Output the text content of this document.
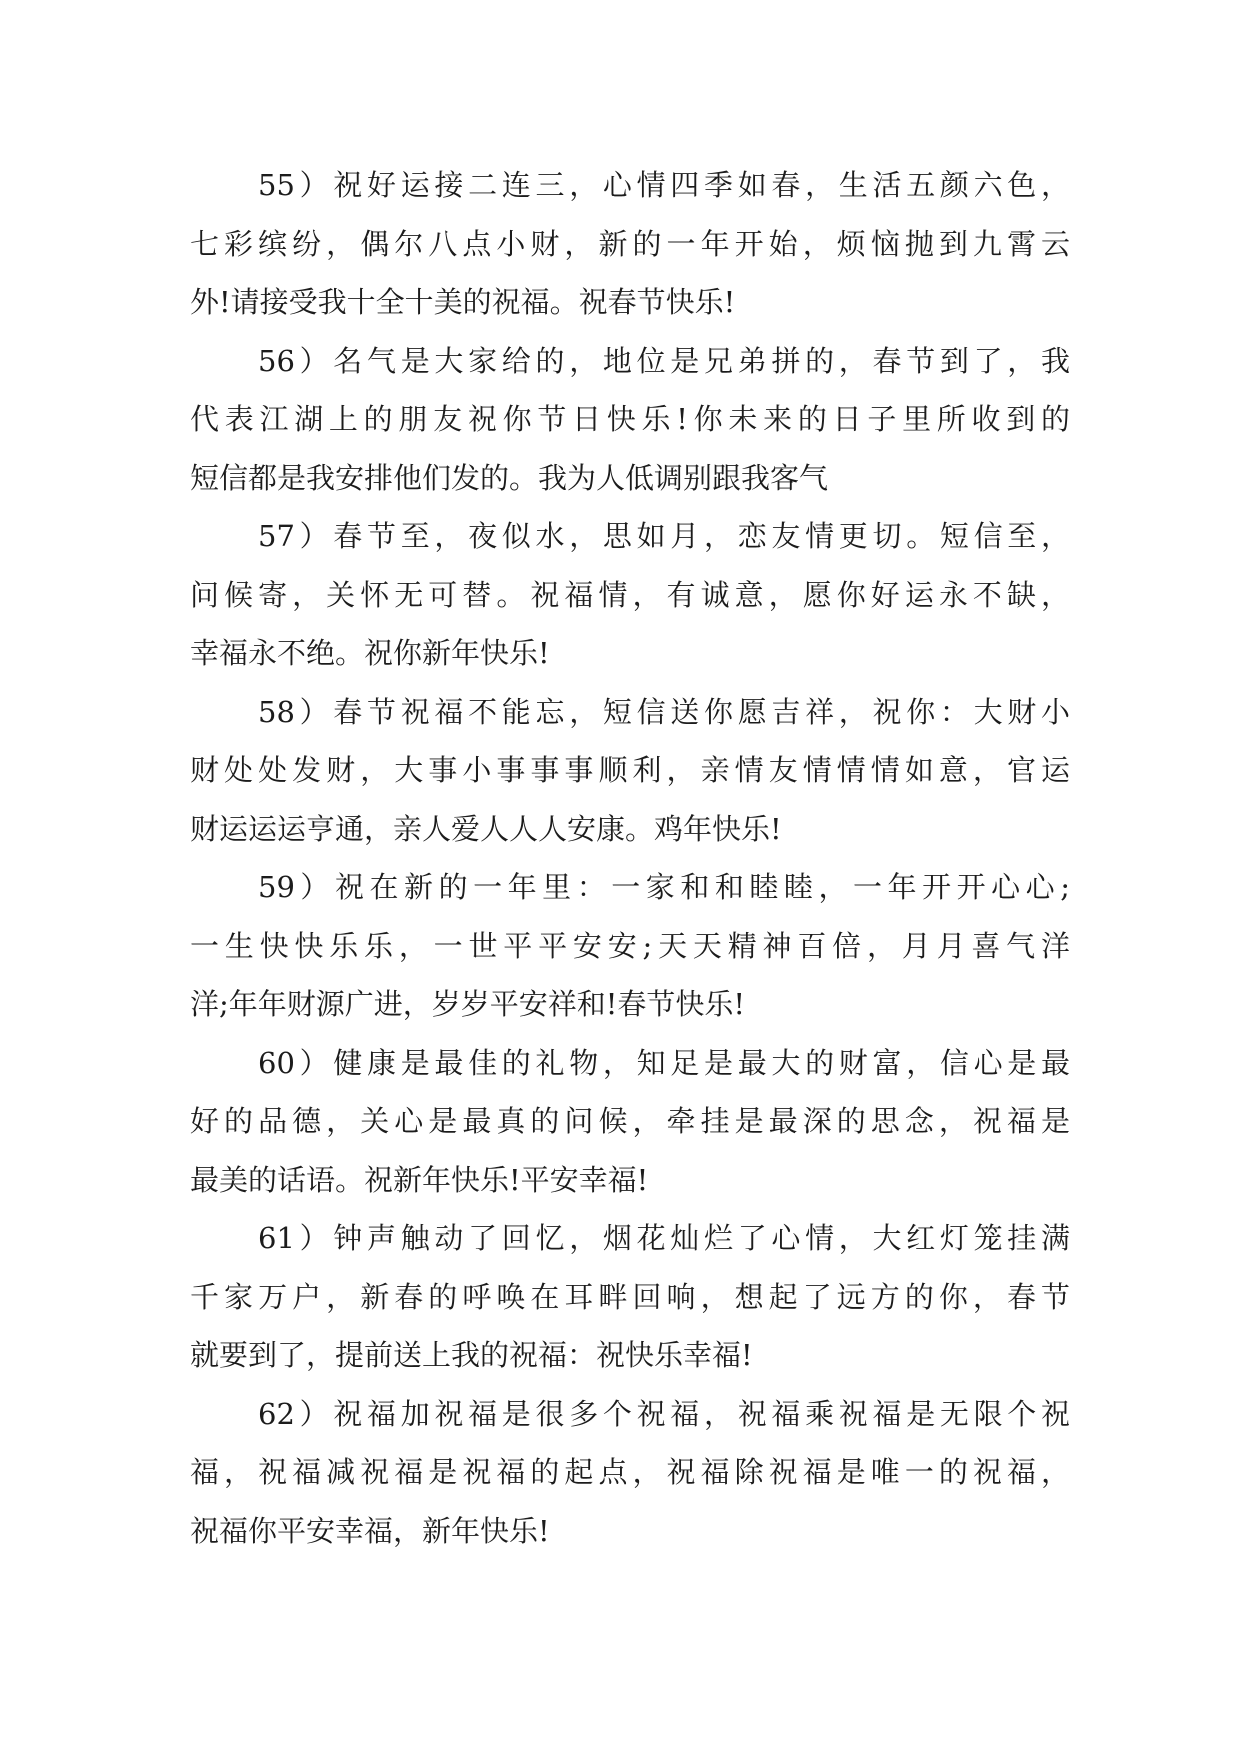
55）祝好运接二连三，心情四季如春，生活五颜六色，
七彩缤纷，偶尔八点小财，新的一年开始，烦恼抛到九霄云
外!请接受我十全十美的祝福。祝春节快乐!
56）名气是大家给的，地位是兄弟拼的，春节到了，我
代表江湖上的朋友祝你节日快乐!你未来的日子里所收到的
短信都是我安排他们发的。我为人低调别跟我客气
57）春节至，夜似水，思如月，恋友情更切。短信至，
问候寄，关怀无可替。祝福情，有诚意，愿你好运永不缺，
幸福永不绝。祝你新年快乐!
58）春节祝福不能忘，短信送你愿吉祥，祝你：大财小
财处处发财，大事小事事事顺利，亲情友情情情如意，官运
财运运运亨通，亲人爱人人人安康。鸡年快乐!
59）祝在新的一年里：一家和和睦睦，一年开开心心;
一生快快乐乐，一世平平安安;天天精神百倍，月月喜气洋
洋;年年财源广进，岁岁平安祥和!春节快乐!
60）健康是最佳的礼物，知足是最大的财富，信心是最
好的品德，关心是最真的问候，牵挂是最深的思念，祝福是
最美的话语。祝新年快乐!平安幸福!
61）钟声触动了回忆，烟花灿烂了心情，大红灯笼挂满
千家万户，新春的呼唤在耳畔回响，想起了远方的你，春节
就要到了，提前送上我的祝福：祝快乐幸福!
62）祝福加祝福是很多个祝福，祝福乘祝福是无限个祝
福，祝福减祝福是祝福的起点，祝福除祝福是唯一的祝福，
祝福你平安幸福，新年快乐!
